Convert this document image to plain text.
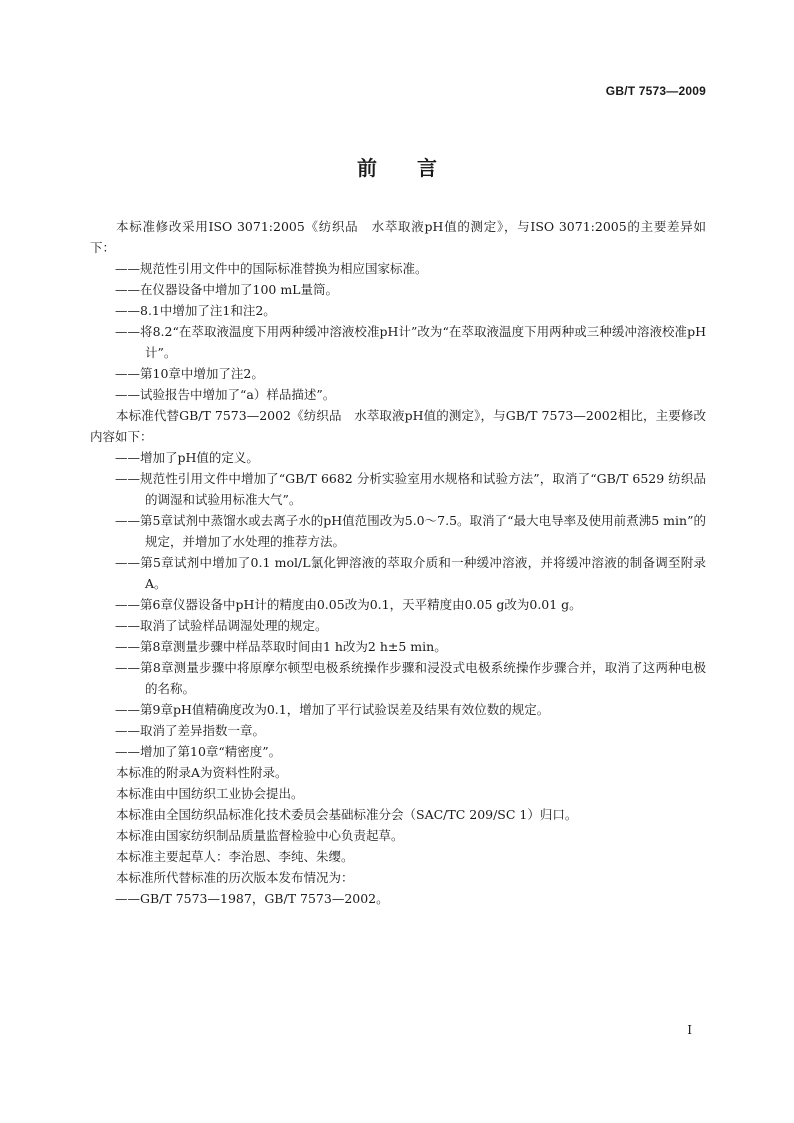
GB/T 7573—2009
前言

本标准修改采用ISO 3071:2005《纺织品　水萃取液pH值的测定》，与ISO 3071:2005的主要差异如下：

——规范性引用文件中的国际标准替换为相应国家标准。

——在仪器设备中增加了100 mL量筒。

——8.1中增加了注1和注2。

——将8.2“在萃取液温度下用两种缓冲溶液校准pH计”改为“在萃取液温度下用两种或三种缓冲溶液校准pH计”。

——第10章中增加了注2。

——试验报告中增加了“a）样品描述”。

本标准代替GB/T 7573—2002《纺织品　水萃取液pH值的测定》，与GB/T 7573—2002相比，主要修改内容如下：

——增加了pH值的定义。

——规范性引用文件中增加了“GB/T 6682 分析实验室用水规格和试验方法”，取消了“GB/T 6529 纺织品的调湿和试验用标准大气”。

——第5章试剂中蒸馏水或去离子水的pH值范围改为5.0～7.5。取消了“最大电导率及使用前煮沸5 min”的规定，并增加了水处理的推荐方法。

——第5章试剂中增加了0.1 mol/L氯化钾溶液的萃取介质和一种缓冲溶液，并将缓冲溶液的制备调至附录A。

——第6章仪器设备中pH计的精度由0.05改为0.1，天平精度由0.05 g改为0.01 g。

——取消了试验样品调湿处理的规定。

——第8章测量步骤中样品萃取时间由1 h改为2 h±5 min。

——第8章测量步骤中将原摩尔顿型电极系统操作步骤和浸没式电极系统操作步骤合并，取消了这两种电极的名称。

——第9章pH值精确度改为0.1，增加了平行试验误差及结果有效位数的规定。

——取消了差异指数一章。

——增加了第10章“精密度”。

本标准的附录A为资料性附录。

本标准由中国纺织工业协会提出。

本标准由全国纺织品标准化技术委员会基础标准分会（SAC/TC 209/SC 1）归口。

本标准由国家纺织制品质量监督检验中心负责起草。

本标准主要起草人：李治恩、李纯、朱缨。

本标准所代替标准的历次版本发布情况为：

——GB/T 7573—1987，GB/T 7573—2002。

I
